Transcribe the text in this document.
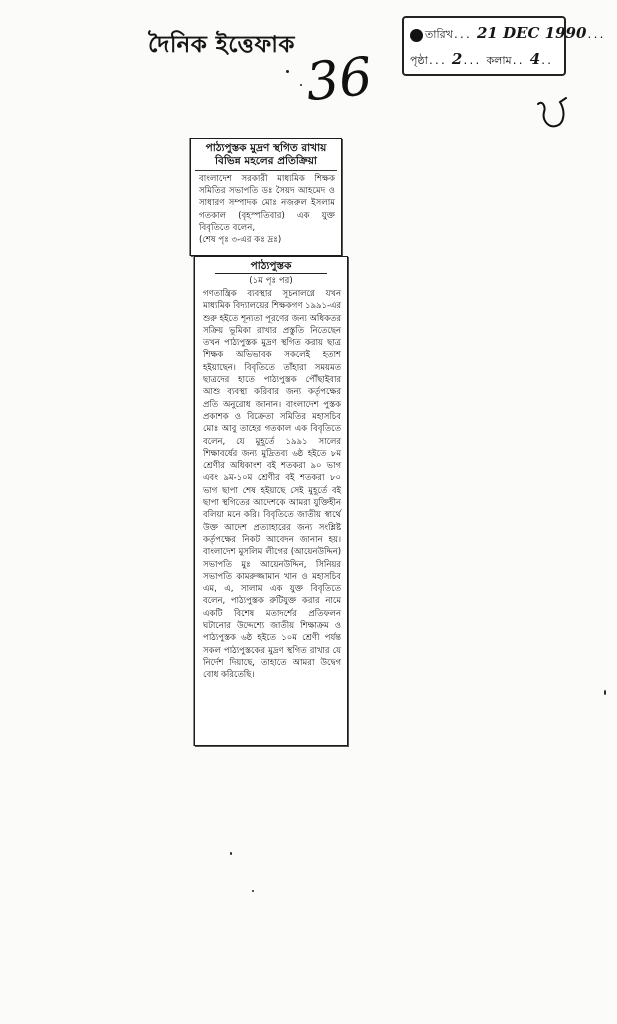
দৈনিক ইত্তেফাক
36
তারিখ... 21 DEC 1990...
পৃষ্ঠা... 2... কলাম.. 4..
পাঠ্যপুস্তক মুদ্রণ স্থগিত রাখায় বিভিন্ন মহলের প্রতিক্রিয়া
বাংলাদেশ সরকারী মাধ্যমিক শিক্ষক সমিতির সভাপতি ডঃ সৈয়দ আহমেদ ও সাধারণ সম্পাদক মোঃ নজরুল ইসলাম গতকাল (বৃহস্পতিবার) এক যুক্ত বিবৃতিতে বলেন,
(শেষ পৃঃ ৩-এর কঃ দ্রঃ)
পাঠ্যপুস্তক
(১ম পৃঃ পর)
গণতান্ত্রিক ব্যবস্থার সূচনালগ্নে যখন মাধ্যমিক বিদ্যালয়ের শিক্ষকগণ ১৯৯১-এর শুরু হইতে শূন্যতা পূরণের জন্য অধিকতর সক্রিয় ভূমিকা রাখার প্রস্তুতি নিতেছেন তখন পাঠ্যপুস্তক মুদ্রণ স্থগিত করায় ছাত্র শিক্ষক অভিভাবক সকলেই হতাশ হইয়াছেন। বিবৃতিতে তাঁহারা সময়মত ছাত্রদের হাতে পাঠ্যপুস্তক পৌঁছাইবার আশু ব্যবস্থা করিবার জন্য কর্তৃপক্ষের প্রতি অনুরোধ জানান। বাংলাদেশ পুস্তক প্রকাশক ও বিক্রেতা সমিতির মহাসচিব মোঃ আবু তাহের গতকাল এক বিবৃতিতে বলেন, যে মুহূর্তে ১৯৯১ সালের শিক্ষাবর্ষের জন্য মুদ্রিতব্য ৬ষ্ঠ হইতে ৮ম শ্রেণীর অধিকাংশ বই শতকরা ৯০ ভাগ এবং ৯ম-১০ম শ্রেণীর বই শতকরা ৮০ ভাগ ছাপা শেষ হইয়াছে সেই মুহূর্তে বই ছাপা স্থগিতের আদেশকে আমরা যুক্তিহীন বলিয়া মনে করি। বিবৃতিতে জাতীয় স্বার্থে উক্ত আদেশ প্রত্যাহারের জন্য সংশ্লিষ্ট কর্তৃপক্ষের নিকট আবেদন জানান হয়। বাংলাদেশ মুসলিম লীগের (আয়েনউদ্দিন) সভাপতি মুঃ আয়েনউদ্দিন, সিনিয়র সভাপতি কামরুজ্জামান খান ও মহাসচিব এম, এ, সালাম এক যুক্ত বিবৃতিতে বলেন, পাঠ্যপুস্তক রুটিযুক্ত করার নামে একটি বিশেষ মতাদর্শের প্রতিফলন ঘটানোর উদ্দেশ্যে জাতীয় শিক্ষাক্রম ও পাঠ্যপুস্তক ৬ষ্ঠ হইতে ১০ম শ্রেণী পর্যন্ত সকল পাঠ্যপুস্তকের মুদ্রণ স্থগিত রাখার যে নির্দেশ দিয়াছে, তাহাতে আমরা উদ্বেগ বোধ করিতেছি।
